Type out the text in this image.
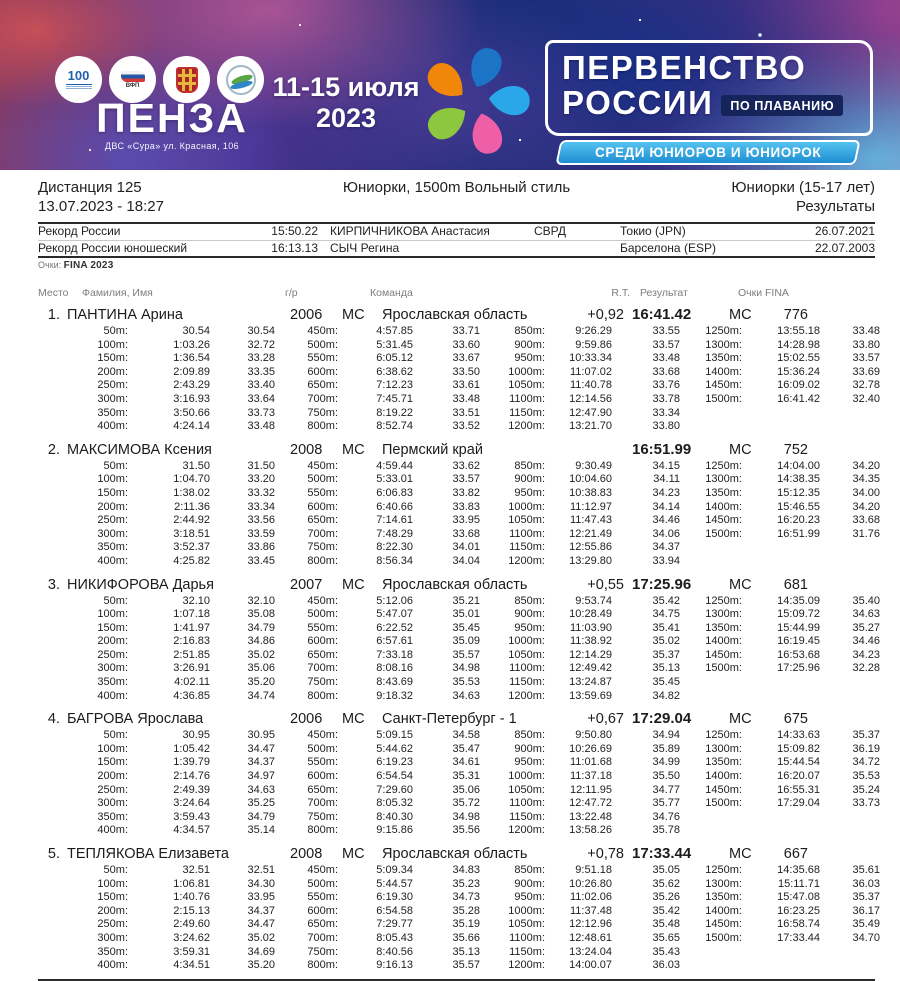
100
ВФП
ПЕНЗА
ДВС «Сура» ул. Красная, 106
11-15 июля
2023
ПЕРВЕНСТВО
РОССИИ	ПО ПЛАВАНИЮ
СРЕДИ ЮНИОРОВ И ЮНИОРОК
Дистанция 125
13.07.2023 - 18:27
Юниорки, 1500m Вольный стиль	Юниорки (15-17 лет)
Результаты
Рекорд России	15:50.22	КИРПИЧНИКОВА Анастасия	СВРД	Токио (JPN)	26.07.2021
Рекорд России юношеский	16:13.13	СЫЧ Регина	Барселона (ESP)	22.07.2003
Очки: FINA 2023
Место Фамилия, Имя	г/р	Команда	R.T. Результат	Очки FINA
1. ПАНТИНА Арина	2006	МС	Ярославская область	+0,92 16:41.42	МС	776
50m:	30.54	30.54	450m:	4:57.85	33.71	850m:	9:26.29	33.55	1250m:	13:55.18	33.48
100m:	1:03.26	32.72	500m:	5:31.45	33.60	900m:	9:59.86	33.57	1300m:	14:28.98	33.80
150m:	1:36.54	33.28	550m:	6:05.12	33.67	950m:	10:33.34	33.48	1350m:	15:02.55	33.57
200m:	2:09.89	33.35	600m:	6:38.62	33.50	1000m:	11:07.02	33.68	1400m:	15:36.24	33.69
250m:	2:43.29	33.40	650m:	7:12.23	33.61	1050m:	11:40.78	33.76	1450m:	16:09.02	32.78
300m:	3:16.93	33.64	700m:	7:45.71	33.48	1100m:	12:14.56	33.78	1500m:	16:41.42	32.40
350m:	3:50.66	33.73	750m:	8:19.22	33.51	1150m:	12:47.90	33.34
400m:	4:24.14	33.48	800m:	8:52.74	33.52	1200m:	13:21.70	33.80
2. МАКСИМОВА Ксения	2008	МС	Пермский край	16:51.99	МС	752
50m:	31.50	31.50	450m:	4:59.44	33.62	850m:	9:30.49	34.15	1250m:	14:04.00	34.20
100m:	1:04.70	33.20	500m:	5:33.01	33.57	900m:	10:04.60	34.11	1300m:	14:38.35	34.35
150m:	1:38.02	33.32	550m:	6:06.83	33.82	950m:	10:38.83	34.23	1350m:	15:12.35	34.00
200m:	2:11.36	33.34	600m:	6:40.66	33.83	1000m:	11:12.97	34.14	1400m:	15:46.55	34.20
250m:	2:44.92	33.56	650m:	7:14.61	33.95	1050m:	11:47.43	34.46	1450m:	16:20.23	33.68
300m:	3:18.51	33.59	700m:	7:48.29	33.68	1100m:	12:21.49	34.06	1500m:	16:51.99	31.76
350m:	3:52.37	33.86	750m:	8:22.30	34.01	1150m:	12:55.86	34.37
400m:	4:25.82	33.45	800m:	8:56.34	34.04	1200m:	13:29.80	33.94
3. НИКИФОРОВА Дарья	2007	МС	Ярославская область	+0,55 17:25.96	МС	681
50m:	32.10	32.10	450m:	5:12.06	35.21	850m:	9:53.74	35.42	1250m:	14:35.09	35.40
100m:	1:07.18	35.08	500m:	5:47.07	35.01	900m:	10:28.49	34.75	1300m:	15:09.72	34.63
150m:	1:41.97	34.79	550m:	6:22.52	35.45	950m:	11:03.90	35.41	1350m:	15:44.99	35.27
200m:	2:16.83	34.86	600m:	6:57.61	35.09	1000m:	11:38.92	35.02	1400m:	16:19.45	34.46
250m:	2:51.85	35.02	650m:	7:33.18	35.57	1050m:	12:14.29	35.37	1450m:	16:53.68	34.23
300m:	3:26.91	35.06	700m:	8:08.16	34.98	1100m:	12:49.42	35.13	1500m:	17:25.96	32.28
350m:	4:02.11	35.20	750m:	8:43.69	35.53	1150m:	13:24.87	35.45
400m:	4:36.85	34.74	800m:	9:18.32	34.63	1200m:	13:59.69	34.82
4. БАГРОВА Ярослава	2006	МС	Санкт-Петербург - 1	+0,67 17:29.04	МС	675
50m:	30.95	30.95	450m:	5:09.15	34.58	850m:	9:50.80	34.94	1250m:	14:33.63	35.37
100m:	1:05.42	34.47	500m:	5:44.62	35.47	900m:	10:26.69	35.89	1300m:	15:09.82	36.19
150m:	1:39.79	34.37	550m:	6:19.23	34.61	950m:	11:01.68	34.99	1350m:	15:44.54	34.72
200m:	2:14.76	34.97	600m:	6:54.54	35.31	1000m:	11:37.18	35.50	1400m:	16:20.07	35.53
250m:	2:49.39	34.63	650m:	7:29.60	35.06	1050m:	12:11.95	34.77	1450m:	16:55.31	35.24
300m:	3:24.64	35.25	700m:	8:05.32	35.72	1100m:	12:47.72	35.77	1500m:	17:29.04	33.73
350m:	3:59.43	34.79	750m:	8:40.30	34.98	1150m:	13:22.48	34.76
400m:	4:34.57	35.14	800m:	9:15.86	35.56	1200m:	13:58.26	35.78
5. ТЕПЛЯКОВА Елизавета	2008	МС	Ярославская область	+0,78 17:33.44	МС	667
50m:	32.51	32.51	450m:	5:09.34	34.83	850m:	9:51.18	35.05	1250m:	14:35.68	35.61
100m:	1:06.81	34.30	500m:	5:44.57	35.23	900m:	10:26.80	35.62	1300m:	15:11.71	36.03
150m:	1:40.76	33.95	550m:	6:19.30	34.73	950m:	11:02.06	35.26	1350m:	15:47.08	35.37
200m:	2:15.13	34.37	600m:	6:54.58	35.28	1000m:	11:37.48	35.42	1400m:	16:23.25	36.17
250m:	2:49.60	34.47	650m:	7:29.77	35.19	1050m:	12:12.96	35.48	1450m:	16:58.74	35.49
300m:	3:24.62	35.02	700m:	8:05.43	35.66	1100m:	12:48.61	35.65	1500m:	17:33.44	34.70
350m:	3:59.31	34.69	750m:	8:40.56	35.13	1150m:	13:24.04	35.43
400m:	4:34.51	35.20	800m:	9:16.13	35.57	1200m:	14:00.07	36.03
